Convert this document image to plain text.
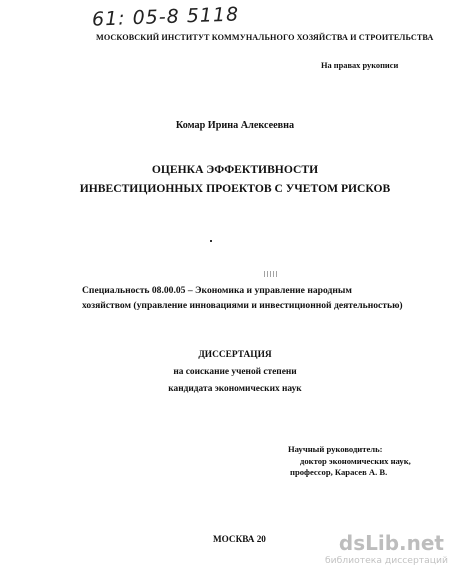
61: 05-8 5118
МОСКОВСКИЙ ИНСТИТУТ КОММУНАЛЬНОГО ХОЗЯЙСТВА И СТРОИТЕЛЬСТВА
На правах рукописи
Комар Ирина Алексеевна
ОЦЕНКА ЭФФЕКТИВНОСТИ
ИНВЕСТИЦИОННЫХ ПРОЕКТОВ С УЧЕТОМ РИСКОВ
Специальность 08.00.05 – Экономика и управление народным
хозяйством (управление инновациями и инвестиционной деятельностью)
ДИССЕРТАЦИЯ
на соискание ученой степени
кандидата экономических наук
Научный руководитель:
доктор экономических наук,
профессор, Карасев А. В.
МОСКВА 20	dsLib.net
библиотека диссертаций
